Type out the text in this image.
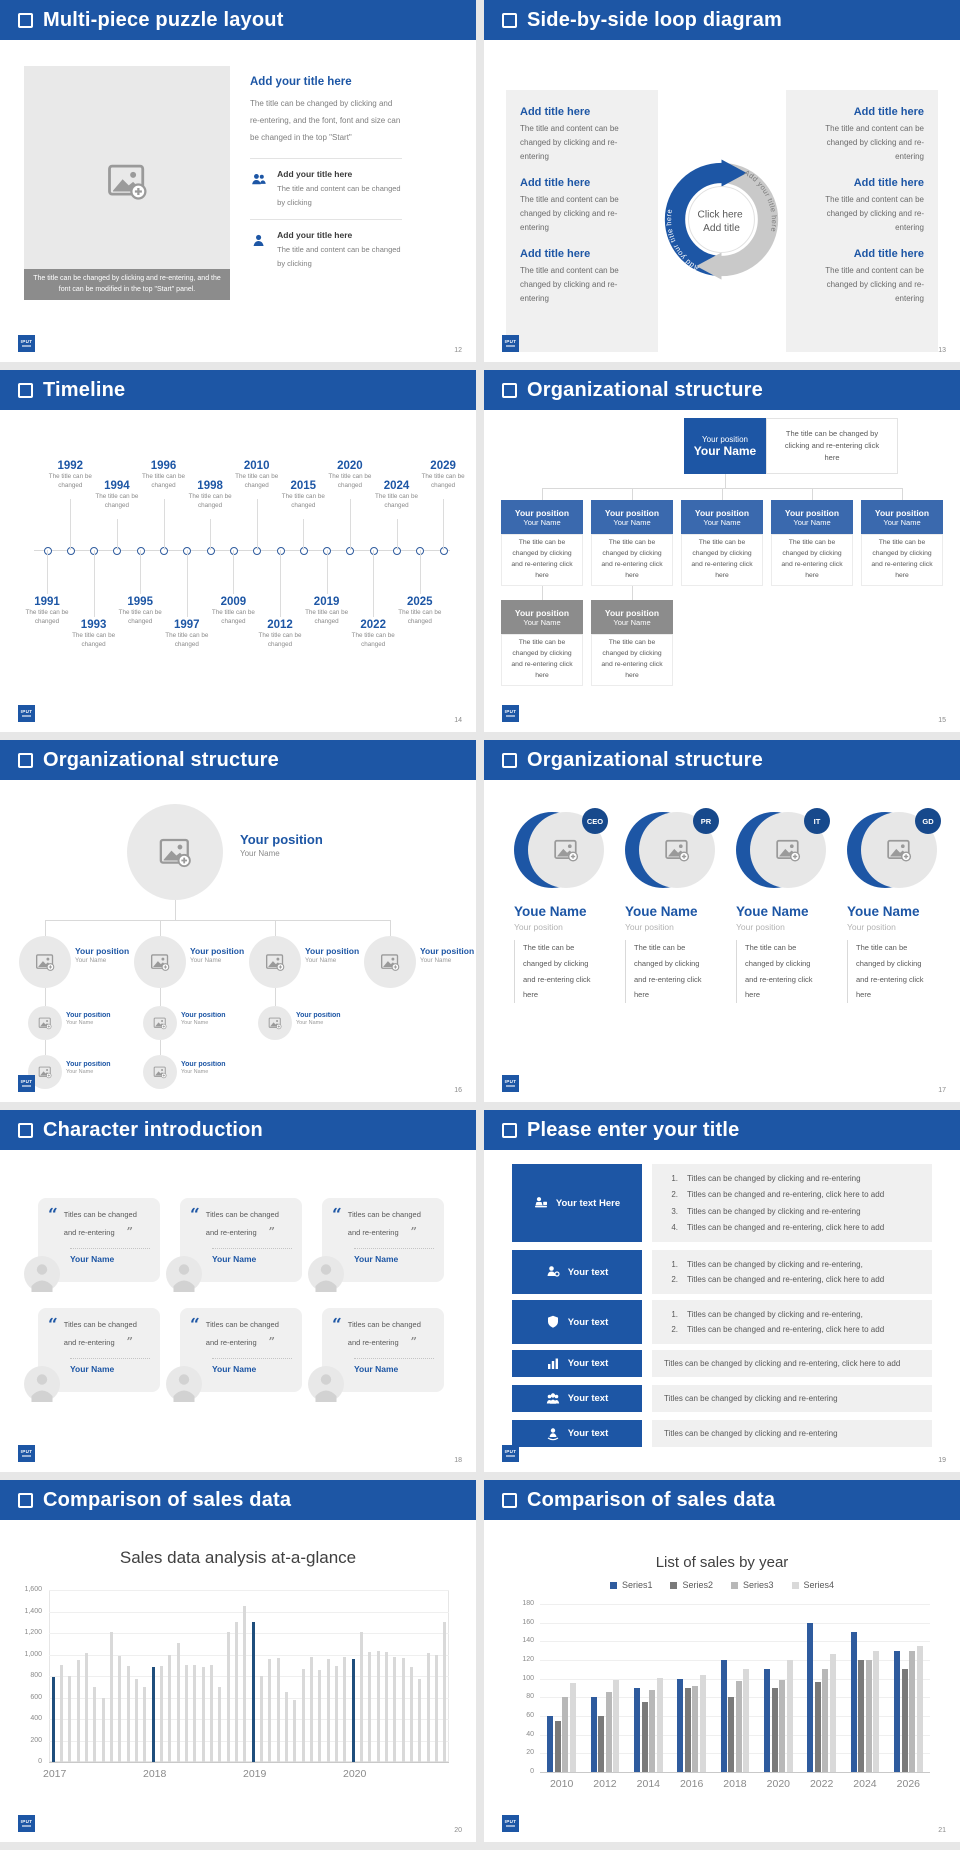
Multi-piece puzzle layout
The title can be changed by clicking and re-entering, and the font can be modified in the top "Start" panel.
Add your title here
The title can be changed by clicking and re-entering, and the font, font and size can be changed in the top "Start"
Add your title here
The title and content can be changed by clicking
Add your title here
The title and content can be changed by clicking
IPUT
12
Side-by-side loop diagram
Add title here
The title and content can be changed by clicking and re-entering
Add title here
The title and content can be changed by clicking and re-entering
Add title here
The title and content can be changed by clicking and re-entering
Click here Add title
Add your title here
Add your title here
Add title here
The title and content can be changed by clicking and re-entering
Add title here
The title and content can be changed by clicking and re-entering
Add title here
The title and content can be changed by clicking and re-entering
IPUT
13
Timeline
1991
The title can be changed
1992
The title can be changed
1993
The title can be changed
1994
The title can be changed
1995
The title can be changed
1996
The title can be changed
1997
The title can be changed
1998
The title can be changed
2009
The title can be changed
2010
The title can be changed
2012
The title can be changed
2015
The title can be changed
2019
The title can be changed
2020
The title can be changed
2022
The title can be changed
2024
The title can be changed
2025
The title can be changed
2029
The title can be changed
IPUT
14
Organizational structure
Your position
Your Name
The title can be changed by clicking and re-entering click here
Your position
Your Name
The title can be changed by clicking and re-entering click here
Your position
Your Name
The title can be changed by clicking and re-entering click here
Your position
Your Name
The title can be changed by clicking and re-entering click here
Your position
Your Name
The title can be changed by clicking and re-entering click here
Your position
Your Name
The title can be changed by clicking and re-entering click here
Your position
Your Name
The title can be changed by clicking and re-entering click here
Your position
Your Name
The title can be changed by clicking and re-entering click here
IPUT
15
Organizational structure
Your position
Your Name
Your position
Your Name
Your position
Your Name
Your position
Your Name
Your position
Your Name
Your position
Your Name
Your position
Your Name
Your position
Your Name
Your position
Your Name
Your position
Your Name
IPUT
16
Organizational structure
CEO
Youe Name
Your position
The title can be changed by clicking and re-entering click here
PR
Youe Name
Your position
The title can be changed by clicking and re-entering click here
IT
Youe Name
Your position
The title can be changed by clicking and re-entering click here
GD
Youe Name
Your position
The title can be changed by clicking and re-entering click here
IPUT
17
Character introduction
“ Titles can be changed and re-entering ”
Your Name
“ Titles can be changed and re-entering ”
Your Name
“ Titles can be changed and re-entering ”
Your Name
“ Titles can be changed and re-entering ”
Your Name
“ Titles can be changed and re-entering ”
Your Name
“ Titles can be changed and re-entering ”
Your Name
IPUT
18
Please enter your title
Your text Here
1. Titles can be changed by clicking and re-entering
2. Titles can be changed and re-entering, click here to add
3. Titles can be changed by clicking and re-entering
4. Titles can be changed and re-entering, click here to add
Your text
1. Titles can be changed by clicking and re-entering,
2. Titles can be changed and re-entering, click here to add
Your text
1. Titles can be changed by clicking and re-entering,
2. Titles can be changed and re-entering, click here to add
Your text	Titles can be changed by clicking and re-entering, click here to add
Your text	Titles can be changed by clicking and re-entering
Your text	Titles can be changed by clicking and re-entering
IPUT
19
Comparison of sales data
Sales data analysis at-a-glance
0
200
400
600
800
1,000
1,200
1,400
1,600
2017	2018	2019	2020
IPUT
20
Comparison of sales data
List of sales by year
Series1	Series2	Series3	Series4
0
20
40
60
80
100
120
140
160
180
2010	2012	2014	2016	2018	2020	2022	2024	2026
IPUT
21
